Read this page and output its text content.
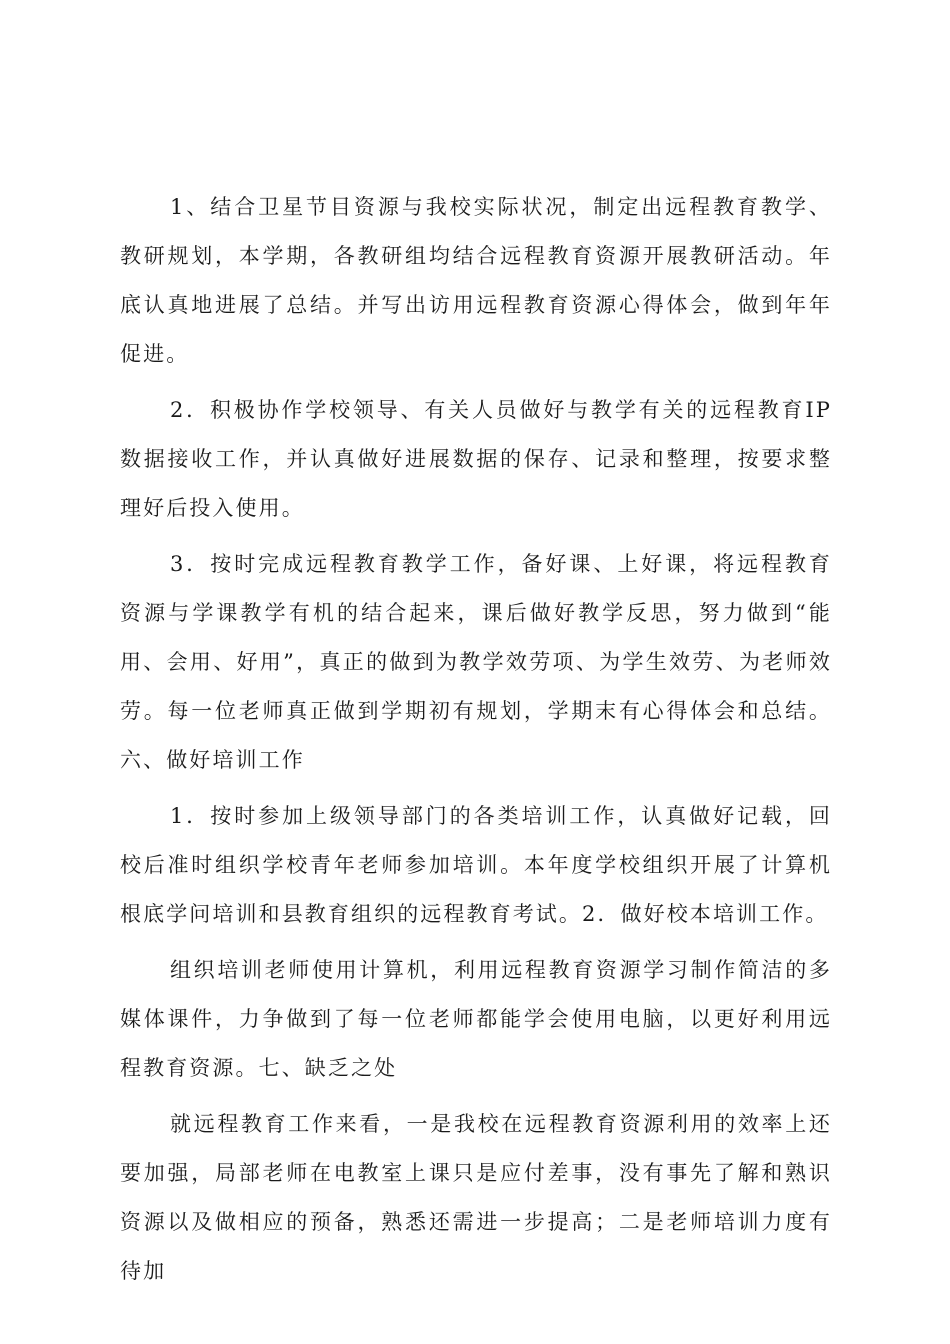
1、结合卫星节目资源与我校实际状况，制定出远程教育教学、教研规划，本学期，各教研组均结合远程教育资源开展教研活动。年底认真地进展了总结。并写出访用远程教育资源心得体会，做到年年促进。

2．积极协作学校领导、有关人员做好与教学有关的远程教育IP数据接收工作，并认真做好进展数据的保存、记录和整理，按要求整理好后投入使用。

3．按时完成远程教育教学工作，备好课、上好课，将远程教育资源与学课教学有机的结合起来，课后做好教学反思，努力做到“能用、会用、好用”，真正的做到为教学效劳项、为学生效劳、为老师效劳。每一位老师真正做到学期初有规划，学期末有心得体会和总结。六、做好培训工作

1．按时参加上级领导部门的各类培训工作，认真做好记载，回校后准时组织学校青年老师参加培训。本年度学校组织开展了计算机根底学问培训和县教育组织的远程教育考试。2．做好校本培训工作。

组织培训老师使用计算机，利用远程教育资源学习制作简洁的多媒体课件，力争做到了每一位老师都能学会使用电脑，以更好利用远程教育资源。七、缺乏之处

就远程教育工作来看，一是我校在远程教育资源利用的效率上还要加强，局部老师在电教室上课只是应付差事，没有事先了解和熟识资源以及做相应的预备，熟悉还需进一步提高；二是老师培训力度有待加
